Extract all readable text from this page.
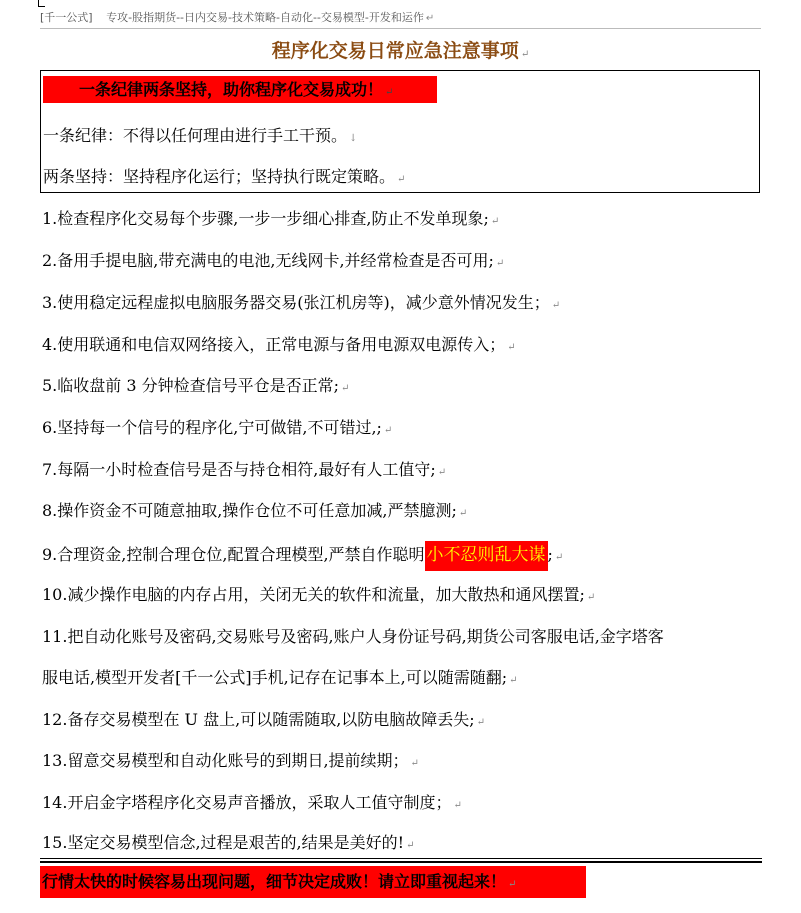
[千一公式] 专攻-股指期货--日内交易-技术策略-自动化--交易模型-开发和运作 ↵
程序化交易日常应急注意事项 ↵
一条纪律两条坚持，助你程序化交易成功！ ↵
一条纪律：不得以任何理由进行手工干预。 ↓
两条坚持：坚持程序化运行；坚持执行既定策略。 ↵
1.检查程序化交易每个步骤,一步一步细心排查,防止不发单现象; ↵
2.备用手提电脑,带充满电的电池,无线网卡,并经常检查是否可用; ↵
3.使用稳定远程虚拟电脑服务器交易(张江机房等)，减少意外情况发生； ↵
4.使用联通和电信双网络接入，正常电源与备用电源双电源传入； ↵
5.临收盘前 3 分钟检查信号平仓是否正常; ↵
6.坚持每一个信号的程序化,宁可做错,不可错过,; ↵
7.每隔一小时检查信号是否与持仓相符,最好有人工值守; ↵
8.操作资金不可随意抽取,操作仓位不可任意加减,严禁臆测; ↵
9.合理资金,控制合理仓位,配置合理模型,严禁自作聪明 小不忍则乱大谋 ; ↵
10.减少操作电脑的内存占用，关闭无关的软件和流量，加大散热和通风摆置; ↵
11.把自动化账号及密码,交易账号及密码,账户人身份证号码,期货公司客服电话,金字塔客
服电话,模型开发者[千一公式]手机,记存在记事本上,可以随需随翻; ↵
12.备存交易模型在 U 盘上,可以随需随取,以防电脑故障丢失; ↵
13.留意交易模型和自动化账号的到期日,提前续期； ↵
14.开启金字塔程序化交易声音播放，采取人工值守制度； ↵
15.坚定交易模型信念,过程是艰苦的,结果是美好的! ↵
行情太快的时候容易出现问题，细节决定成败！请立即重视起来！ ↵
